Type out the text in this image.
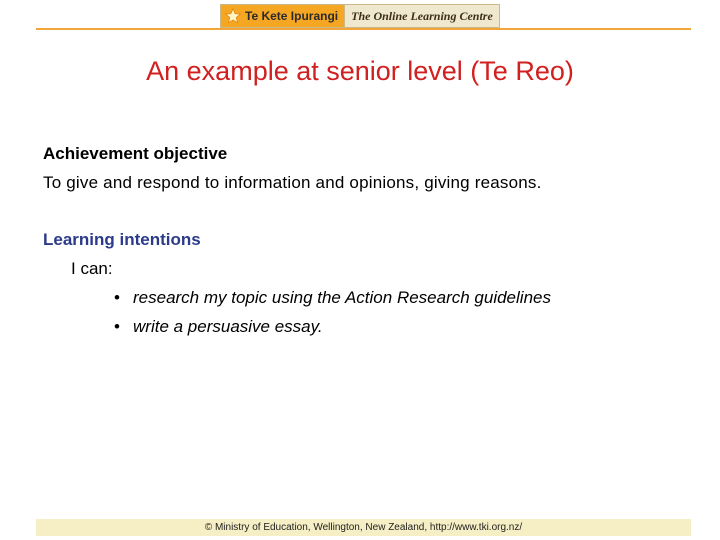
Te Kete Ipurangi The Online Learning Centre
An example at senior level (Te Reo)

Achievement objective

To give and respond to information and opinions, giving reasons.

Learning intentions

I can:

• research my topic using the Action Research guidelines
• write a persuasive essay.
© Ministry of Education, Wellington, New Zealand, http://www.tki.org.nz/
